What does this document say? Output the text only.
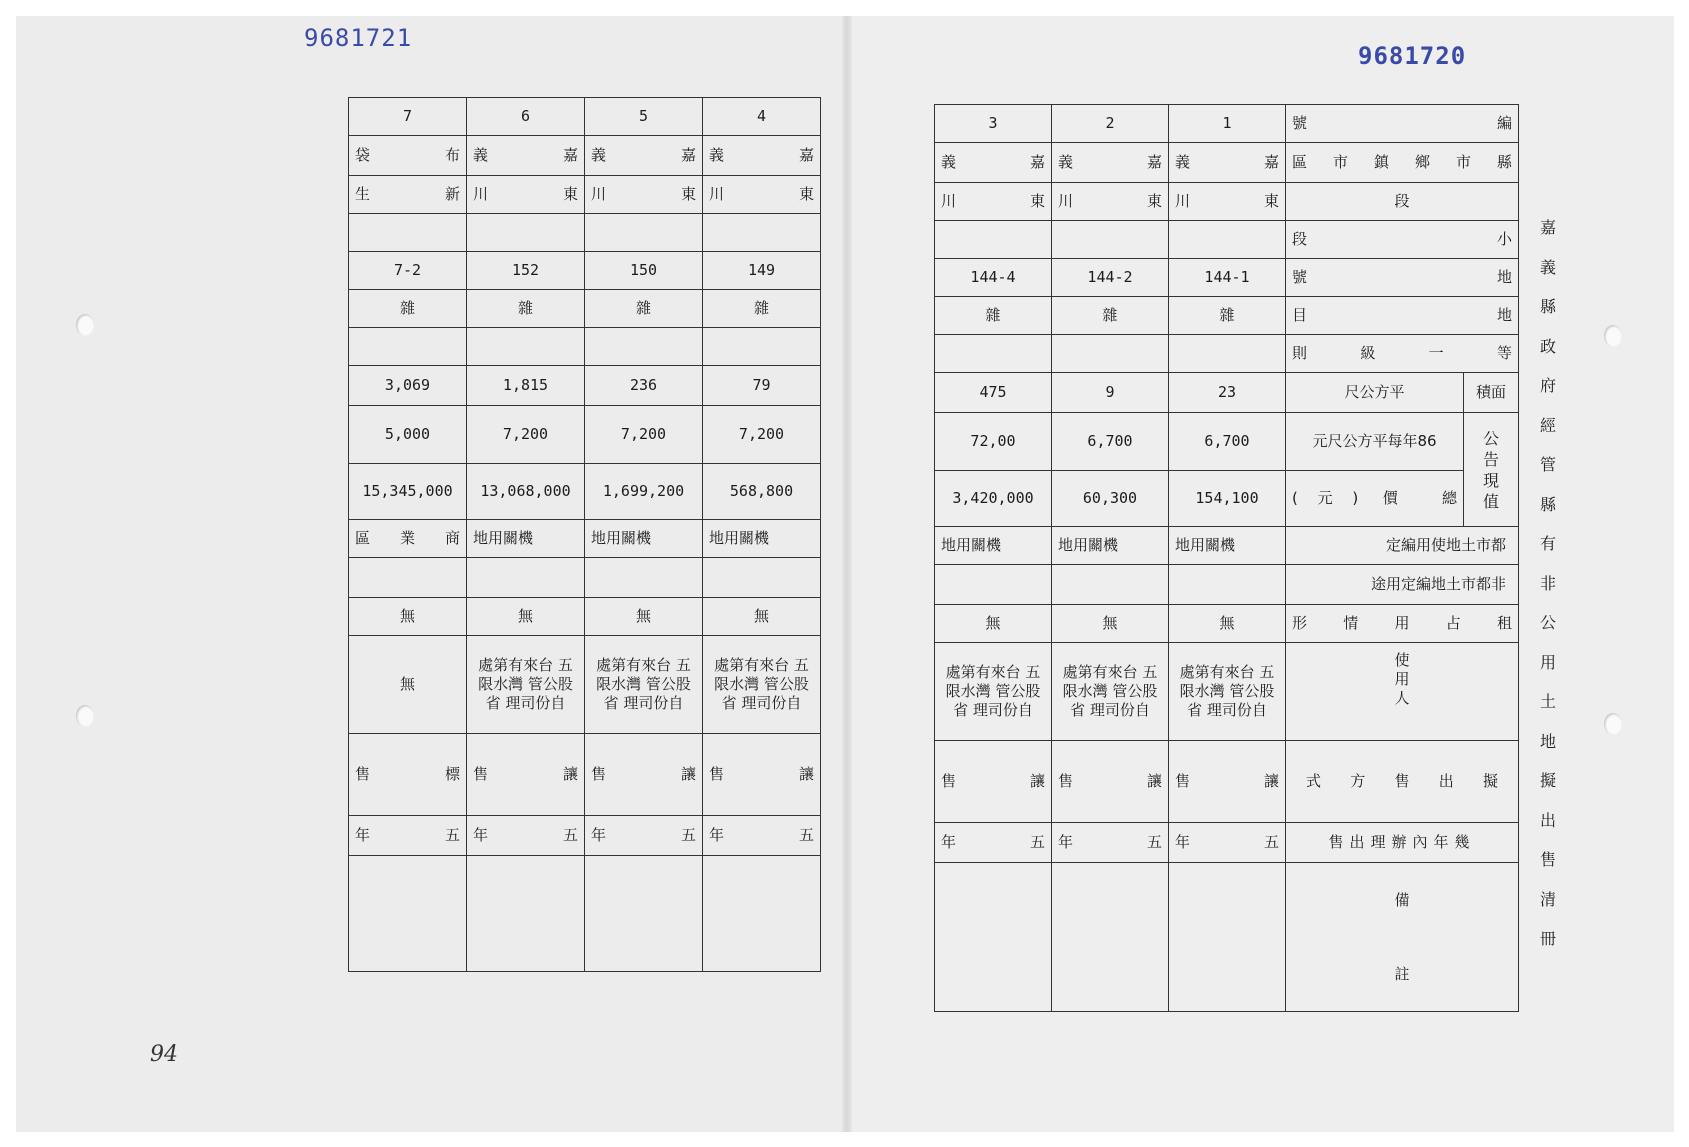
9681721
9681720
94
7	6	5	4

袋 布	義 嘉	義 嘉	義 嘉

生 新	川 東	川 東	川 東

7-2	152	150	149
雜	雜	雜	雜

3,069	1,815	236	79
5,000	7,200	7,200	7,200
15,345,000	13,068,000	1,699,200	568,800

區 業 商	地用關機	地用關機	地用關機

無	無	無	無
無	處第有來台 五限水灣 管公股省 理司份自	處第有來台 五限水灣 管公股省 理司份自	處第有來台 五限水灣 管公股省 理司份自

售 標	售 讓	售 讓	售 讓

年 五	年 五	年 五	年 五

3	2	1	號 編	

義 嘉	義 嘉	義 嘉	區 市 鎮 鄉 市 縣	

川 東	川 東	川 東	段	

			段 小	

144-4	144-2	144-1	號 地	

雜	雜	雜	目 地	

			則 級 一 等	

475	9	23	尺公方平	積面
72,00	6,700	6,700	元尺公方平每年86	公告現值
3,420,000	60,300	154,100	(元) 價 總	

地用關機	地用關機	地用關機	定編用使地土市都	
			途用定編地土市都非	
無	無	無	形 情 用 占 租	

處第有來台 五限水灣 管公股省 理司份自	處第有來台 五限水灣 管公股省 理司份自	處第有來台 五限水灣 管公股省 理司份自	使
用
人	

售 讓	售 讓	售 讓	式 方 售 出 擬	

年 五	年 五	年 五	售出理辦內年幾	
			備
註	
嘉義縣政府經管縣有非公用土地擬出售清冊
